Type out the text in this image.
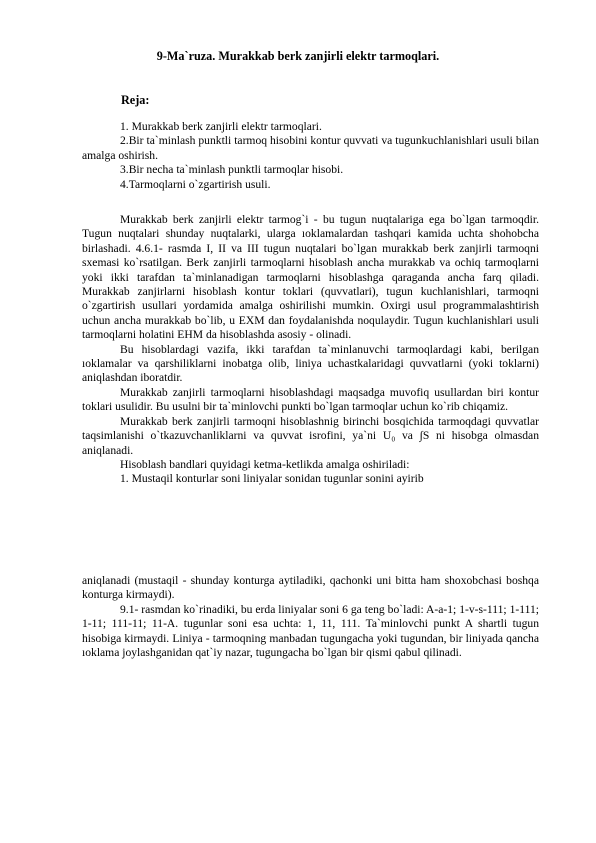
9-Ma`ruza. Murakkab berk zanjirli elektr tarmoqlari.
Reja:

1. Murakkab berk zanjirli elektr tarmoqlari.

2.Bir ta`minlash punktli tarmoq hisobini kontur quvvati va tugunkuchlanishlari usuli bilan amalga oshirish.

3.Bir necha ta`minlash punktli tarmoqlar hisobi.

4.Tarmoqlarni o`zgartirish usuli.

Murakkab berk zanjirli elektr tarmog`i - bu tugun nuqtalariga ega bo`lgan tarmoqdir. Tugun nuqtalari shunday nuqtalarki, ularga ıoklamalardan tashqari kamida uchta shohobcha birlashadi. 4.6.1- rasmda I, II va III tugun nuqtalari bo`lgan murakkab berk zanjirli tarmoqni sxemasi ko`rsatilgan. Berk zanjirli tarmoqlarni hisoblash ancha murakkab va ochiq tarmoqlarni yoki ikki tarafdan ta`minlanadigan tarmoqlarni hisoblashga qaraganda ancha farq qiladi. Murakkab zanjirlarni hisoblash kontur toklari (quvvatlari), tugun kuchlanishlari, tarmoqni o`zgartirish usullari yordamida amalga oshirilishi mumkin. Oxirgi usul programmalashtirish uchun ancha murakkab bo`lib, u EXM dan foydalanishda noqulaydir. Tugun kuchlanishlari usuli tarmoqlarni holatini EHM da hisoblashda asosiy - olinadi.

Bu hisoblardagi vazifa, ikki tarafdan ta`minlanuvchi tarmoqlardagi kabi, berilgan ıoklamalar va qarshiliklarni inobatga olib, liniya uchastkalaridagi quvvatlarni (yoki toklarni) aniqlashdan iboratdir.

Murakkab zanjirli tarmoqlarni hisoblashdagi maqsadga muvofiq usullardan biri kontur toklari usulidir. Bu usulni bir ta`minlovchi punkti bo`lgan tarmoqlar uchun ko`rib chiqamiz.

Murakkab berk zanjirli tarmoqni hisoblashnig birinchi bosqichida tarmoqdagi quvvatlar taqsimlanishi o`tkazuvchanliklarni va quvvat isrofini, ya`ni U₀ va ∫S ni hisobga olmasdan aniqlanadi.

Hisoblash bandlari quyidagi ketma-ketlikda amalga oshiriladi:

1. Mustaqil konturlar soni liniyalar sonidan tugunlar sonini ayirib

aniqlanadi (mustaqil - shunday konturga aytiladiki, qachonki uni bitta ham shoxobchasi boshqa konturga kirmaydi).

9.1- rasmdan ko`rinadiki, bu erda liniyalar soni 6 ga teng bo`ladi: A-a-1; 1-v-s-111; 1-111; 1-11; 111-11; 11-A. tugunlar soni esa uchta: 1, 11, 111. Ta`minlovchi punkt A shartli tugun hisobiga kirmaydi. Liniya - tarmoqning manbadan tugungacha yoki tugundan, bir liniyada qancha ıoklama joylashganidan qat`iy nazar, tugungacha bo`lgan bir qismi qabul qilinadi.
